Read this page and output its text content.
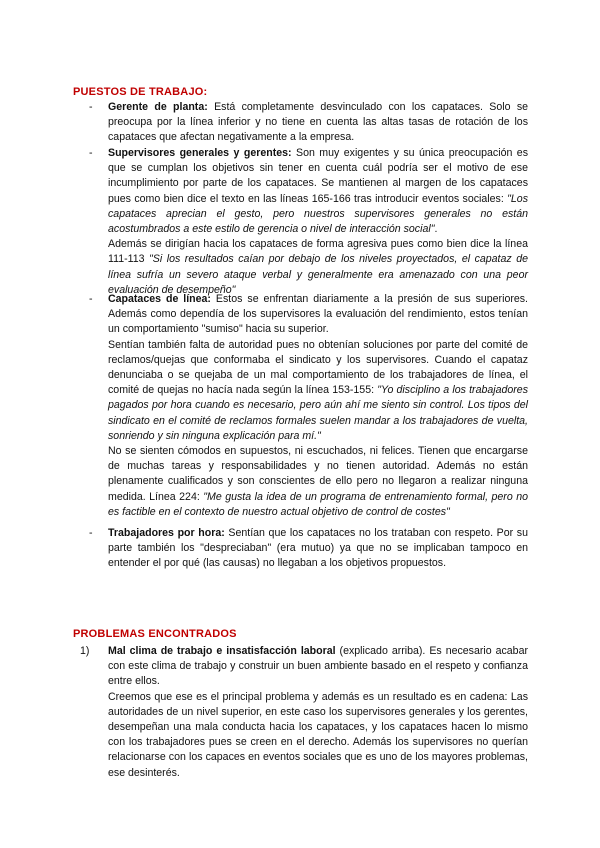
PUESTOS DE TRABAJO:
- Gerente de planta: Está completamente desvinculado con los capataces. Solo se preocupa por la línea inferior y no tiene en cuenta las altas tasas de rotación de los capataces que afectan negativamente a la empresa.

- Supervisores generales y gerentes: Son muy exigentes y su única preocupación es que se cumplan los objetivos sin tener en cuenta cuál podría ser el motivo de ese incumplimiento por parte de los capataces. Se mantienen al margen de los capataces pues como bien dice el texto en las líneas 165-166 tras introducir eventos sociales: "Los capataces aprecian el gesto, pero nuestros supervisores generales no están acostumbrados a este estilo de gerencia o nivel de interacción social".

Además se dirigían hacia los capataces de forma agresiva pues como bien dice la línea 111-113 "Si los resultados caían por debajo de los niveles proyectados, el capataz de línea sufría un severo ataque verbal y generalmente era amenazado con una peor evaluación de desempeño"

- Capataces de línea: Estos se enfrentan diariamente a la presión de sus superiores. Además como dependía de los supervisores la evaluación del rendimiento, estos tenían un comportamiento "sumiso" hacia su superior.

Sentían también falta de autoridad pues no obtenían soluciones por parte del comité de reclamos/quejas que conformaba el sindicato y los supervisores. Cuando el capataz denunciaba o se quejaba de un mal comportamiento de los trabajadores de línea, el comité de quejas no hacía nada según la línea 153-155: "Yo disciplino a los trabajadores pagados por hora cuando es necesario, pero aún ahí me siento sin control. Los tipos del sindicato en el comité de reclamos formales suelen mandar a los trabajadores de vuelta, sonriendo y sin ninguna explicación para mí."

No se sienten cómodos en supuestos, ni escuchados, ni felices. Tienen que encargarse de muchas tareas y responsabilidades y no tienen autoridad. Además no están plenamente cualificados y son conscientes de ello pero no llegaron a realizar ninguna medida. Línea 224: "Me gusta la idea de un programa de entrenamiento formal, pero no es factible en el contexto de nuestro actual objetivo de control de costes"

- Trabajadores por hora: Sentían que los capataces no los trataban con respeto. Por su parte también los "despreciaban" (era mutuo) ya que no se implicaban tampoco en entender el por qué (las causas) no llegaban a los objetivos propuestos.

PROBLEMAS ENCONTRADOS
1) Mal clima de trabajo e insatisfacción laboral (explicado arriba). Es necesario acabar con este clima de trabajo y construir un buen ambiente basado en el respeto y confianza entre ellos.

Creemos que ese es el principal problema y además es un resultado es en cadena: Las autoridades de un nivel superior, en este caso los supervisores generales y los gerentes, desempeñan una mala conducta hacia los capataces, y los capataces hacen lo mismo con los trabajadores pues se creen en el derecho. Además los supervisores no querían relacionarse con los capaces en eventos sociales que es uno de los mayores problemas, ese desinterés.
